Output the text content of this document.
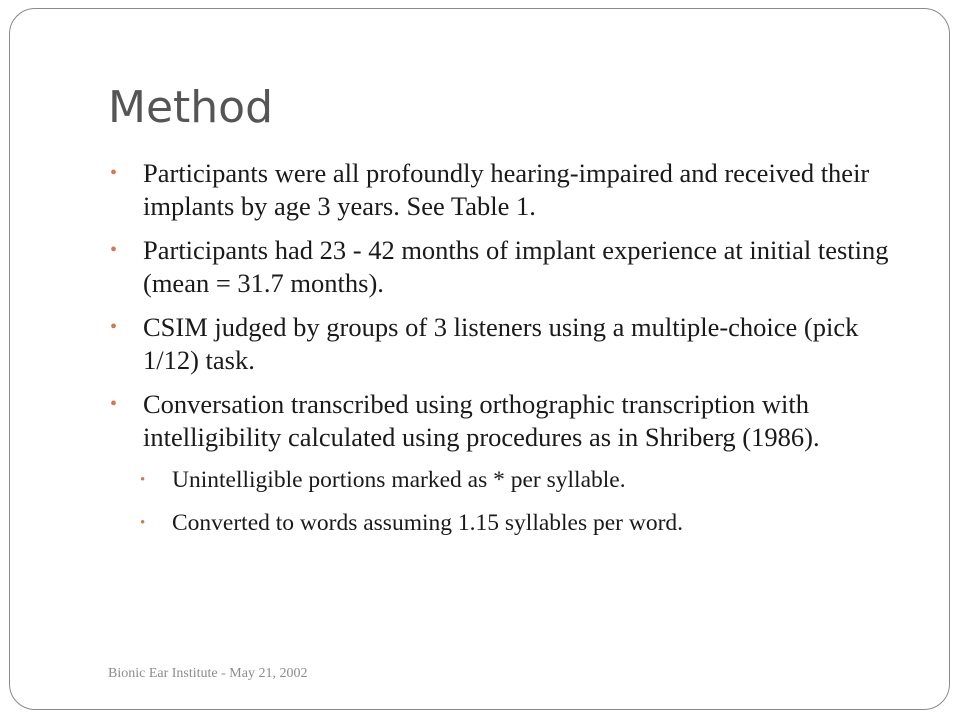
Method
• Participants were all profoundly hearing-impaired and received their implants by age 3 years. See Table 1.
• Participants had 23 - 42 months of implant experience at initial testing (mean = 31.7 months).
• CSIM judged by groups of 3 listeners using a multiple-choice (pick 1/12) task.
• Conversation transcribed using orthographic transcription with intelligibility calculated using procedures as in Shriberg (1986).
• Unintelligible portions marked as * per syllable.
• Converted to words assuming 1.15 syllables per word.
Bionic Ear Institute - May 21, 2002
